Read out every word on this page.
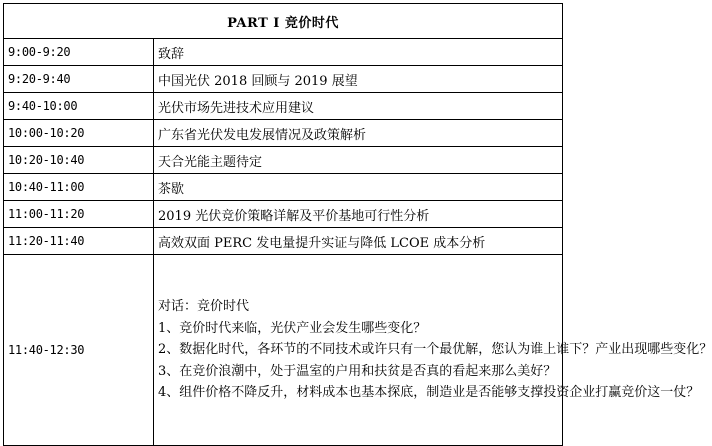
PART I 竞价时代	
9:00-9:20	致辞
9:20-9:40	中国光伏 2018 回顾与 2019 展望
9:40-10:00	光伏市场先进技术应用建议
10:00-10:20	广东省光伏发电发展情况及政策解析
10:20-10:40	天合光能主题待定
10:40-11:00	茶歇
11:00-11:20	2019 光伏竞价策略详解及平价基地可行性分析
11:20-11:40	高效双面 PERC 发电量提升实证与降低 LCOE 成本分析
11:40-12:30	对话：竞价时代
1、竞价时代来临，光伏产业会发生哪些变化？
2、数据化时代，各环节的不同技术或许只有一个最优解，您认为谁上谁下？产业出现哪些变化？
3、在竞价浪潮中，处于温室的户用和扶贫是否真的看起来那么美好？
4、组件价格不降反升，材料成本也基本探底，制造业是否能够支撑投资企业打赢竞价这一仗？
